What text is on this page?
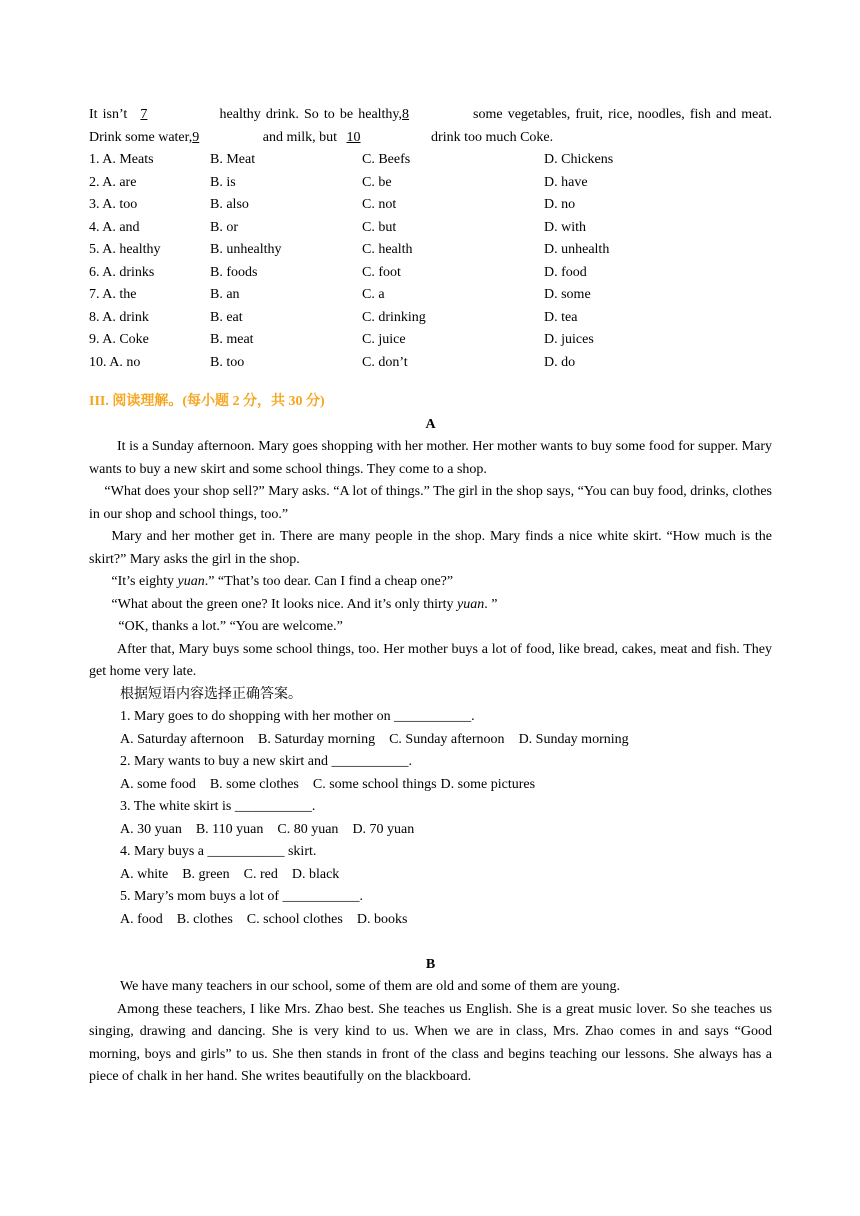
It isn’t 7	healthy drink. So to be healthy,8	some vegetables, fruit, rice, noodles, fish and meat. Drink some water,9	and milk, but 10	drink too much Coke.
1. A. Meats	B. Meat	C. Beefs	D. Chickens
2. A. are	B. is	C. be	D. have
3. A. too	B. also	C. not	D. no
4. A. and	B. or	C. but	D. with
5. A. healthy	B. unhealthy	C. health	D. unhealth
6. A. drinks	B. foods	C. foot	D. food
7. A. the	B. an	C. a	D. some
8. A. drink	B. eat	C. drinking	D. tea
9. A. Coke	B. meat	C. juice	D. juices
10. A. no	B. too	C. don’t	D. do
III. 阅读理解。(每小题 2 分，共 30 分)
A
It is a Sunday afternoon. Mary goes shopping with her mother. Her mother wants to buy some food for supper. Mary wants to buy a new skirt and some school things. They come to a shop.
“What does your shop sell?” Mary asks. “A lot of things.” The girl in the shop says, “You can buy food, drinks, clothes in our shop and school things, too.”
Mary and her mother get in. There are many people in the shop. Mary finds a nice white skirt. “How much is the skirt?” Mary asks the girl in the shop.
“It’s eighty yuan.” “That’s too dear. Can I find a cheap one?”
“What about the green one? It looks nice. And it’s only thirty yuan. ”
“OK, thanks a lot.” “You are welcome.”
After that, Mary buys some school things, too. Her mother buys a lot of food, like bread, cakes, meat and fish. They get home very late.
根据短语内容选择正确答案。
1. Mary goes to do shopping with her mother on ___________.
A. Saturday afternoon B. Saturday morning C. Sunday afternoon D. Sunday morning
2. Mary wants to buy a new skirt and ___________.
A. some food B. some clothes C. some school things D. some pictures
3. The white skirt is ___________.
A. 30 yuan B. 110 yuan C. 80 yuan D. 70 yuan
4. Mary buys a ___________ skirt.
A. white B. green C. red D. black
5. Mary’s mom buys a lot of ___________.
A. food B. clothes C. school clothes D. books
B
We have many teachers in our school, some of them are old and some of them are young.
Among these teachers, I like Mrs. Zhao best. She teaches us English. She is a great music lover. So she teaches us singing, drawing and dancing. She is very kind to us. When we are in class, Mrs. Zhao comes in and says “Good morning, boys and girls” to us. She then stands in front of the class and begins teaching our lessons. She always has a piece of chalk in her hand. She writes beautifully on the blackboard.
